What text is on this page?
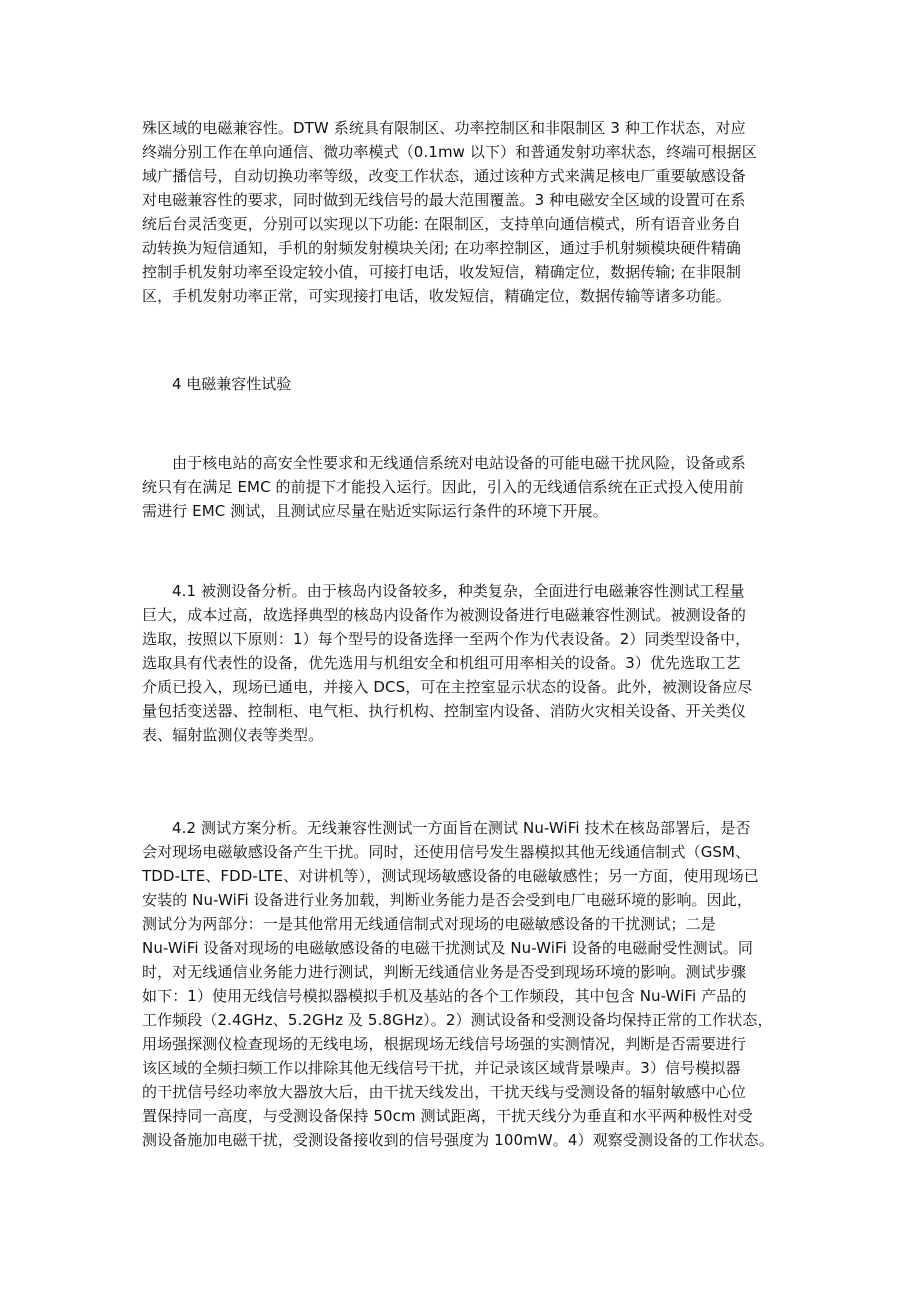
殊区域的电磁兼容性。DTW 系统具有限制区、功率控制区和非限制区 3 种工作状态，对应
终端分别工作在单向通信、微功率模式（0.1mw 以下）和普通发射功率状态，终端可根据区
域广播信号，自动切换功率等级，改变工作状态，通过该种方式来满足核电厂重要敏感设备
对电磁兼容性的要求，同时做到无线信号的最大范围覆盖。3 种电磁安全区域的设置可在系
统后台灵活变更，分别可以实现以下功能: 在限制区，支持单向通信模式，所有语音业务自
动转换为短信通知，手机的射频发射模块关闭; 在功率控制区，通过手机射频模块硬件精确
控制手机发射功率至设定较小值，可接打电话，收发短信，精确定位，数据传输; 在非限制
区，手机发射功率正常，可实现接打电话，收发短信，精确定位，数据传输等诸多功能。
4 电磁兼容性试验
由于核电站的高安全性要求和无线通信系统对电站设备的可能电磁干扰风险，设备或系
统只有在满足 EMC 的前提下才能投入运行。因此，引入的无线通信系统在正式投入使用前
需进行 EMC 测试，且测试应尽量在贴近实际运行条件的环境下开展。
4.1 被测设备分析。由于核岛内设备较多，种类复杂，全面进行电磁兼容性测试工程量
巨大，成本过高，故选择典型的核岛内设备作为被测设备进行电磁兼容性测试。被测设备的
选取，按照以下原则：1）每个型号的设备选择一至两个作为代表设备。2）同类型设备中，
选取具有代表性的设备，优先选用与机组安全和机组可用率相关的设备。3）优先选取工艺
介质已投入，现场已通电，并接入 DCS，可在主控室显示状态的设备。此外，被测设备应尽
量包括变送器、控制柜、电气柜、执行机构、控制室内设备、消防火灾相关设备、开关类仪
表、辐射监测仪表等类型。
4.2 测试方案分析。无线兼容性测试一方面旨在测试 Nu-WiFi 技术在核岛部署后，是否
会对现场电磁敏感设备产生干扰。同时，还使用信号发生器模拟其他无线通信制式（GSM、
TDD-LTE、FDD-LTE、对讲机等），测试现场敏感设备的电磁敏感性；另一方面，使用现场已
安装的 Nu-WiFi 设备进行业务加载，判断业务能力是否会受到电厂电磁环境的影响。因此，
测试分为两部分：一是其他常用无线通信制式对现场的电磁敏感设备的干扰测试；二是
Nu-WiFi 设备对现场的电磁敏感设备的电磁干扰测试及 Nu-WiFi 设备的电磁耐受性测试。同
时，对无线通信业务能力进行测试，判断无线通信业务是否受到现场环境的影响。测试步骤
如下：1）使用无线信号模拟器模拟手机及基站的各个工作频段，其中包含 Nu-WiFi 产品的
工作频段（2.4GHz、5.2GHz 及 5.8GHz）。2）测试设备和受测设备均保持正常的工作状态，
用场强探测仪检查现场的无线电场，根据现场无线信号场强的实测情况，判断是否需要进行
该区域的全频扫频工作以排除其他无线信号干扰，并记录该区域背景噪声。3）信号模拟器
的干扰信号经功率放大器放大后，由干扰天线发出，干扰天线与受测设备的辐射敏感中心位
置保持同一高度，与受测设备保持 50cm 测试距离，干扰天线分为垂直和水平两种极性对受
测设备施加电磁干扰，受测设备接收到的信号强度为 100mW。4）观察受测设备的工作状态。
